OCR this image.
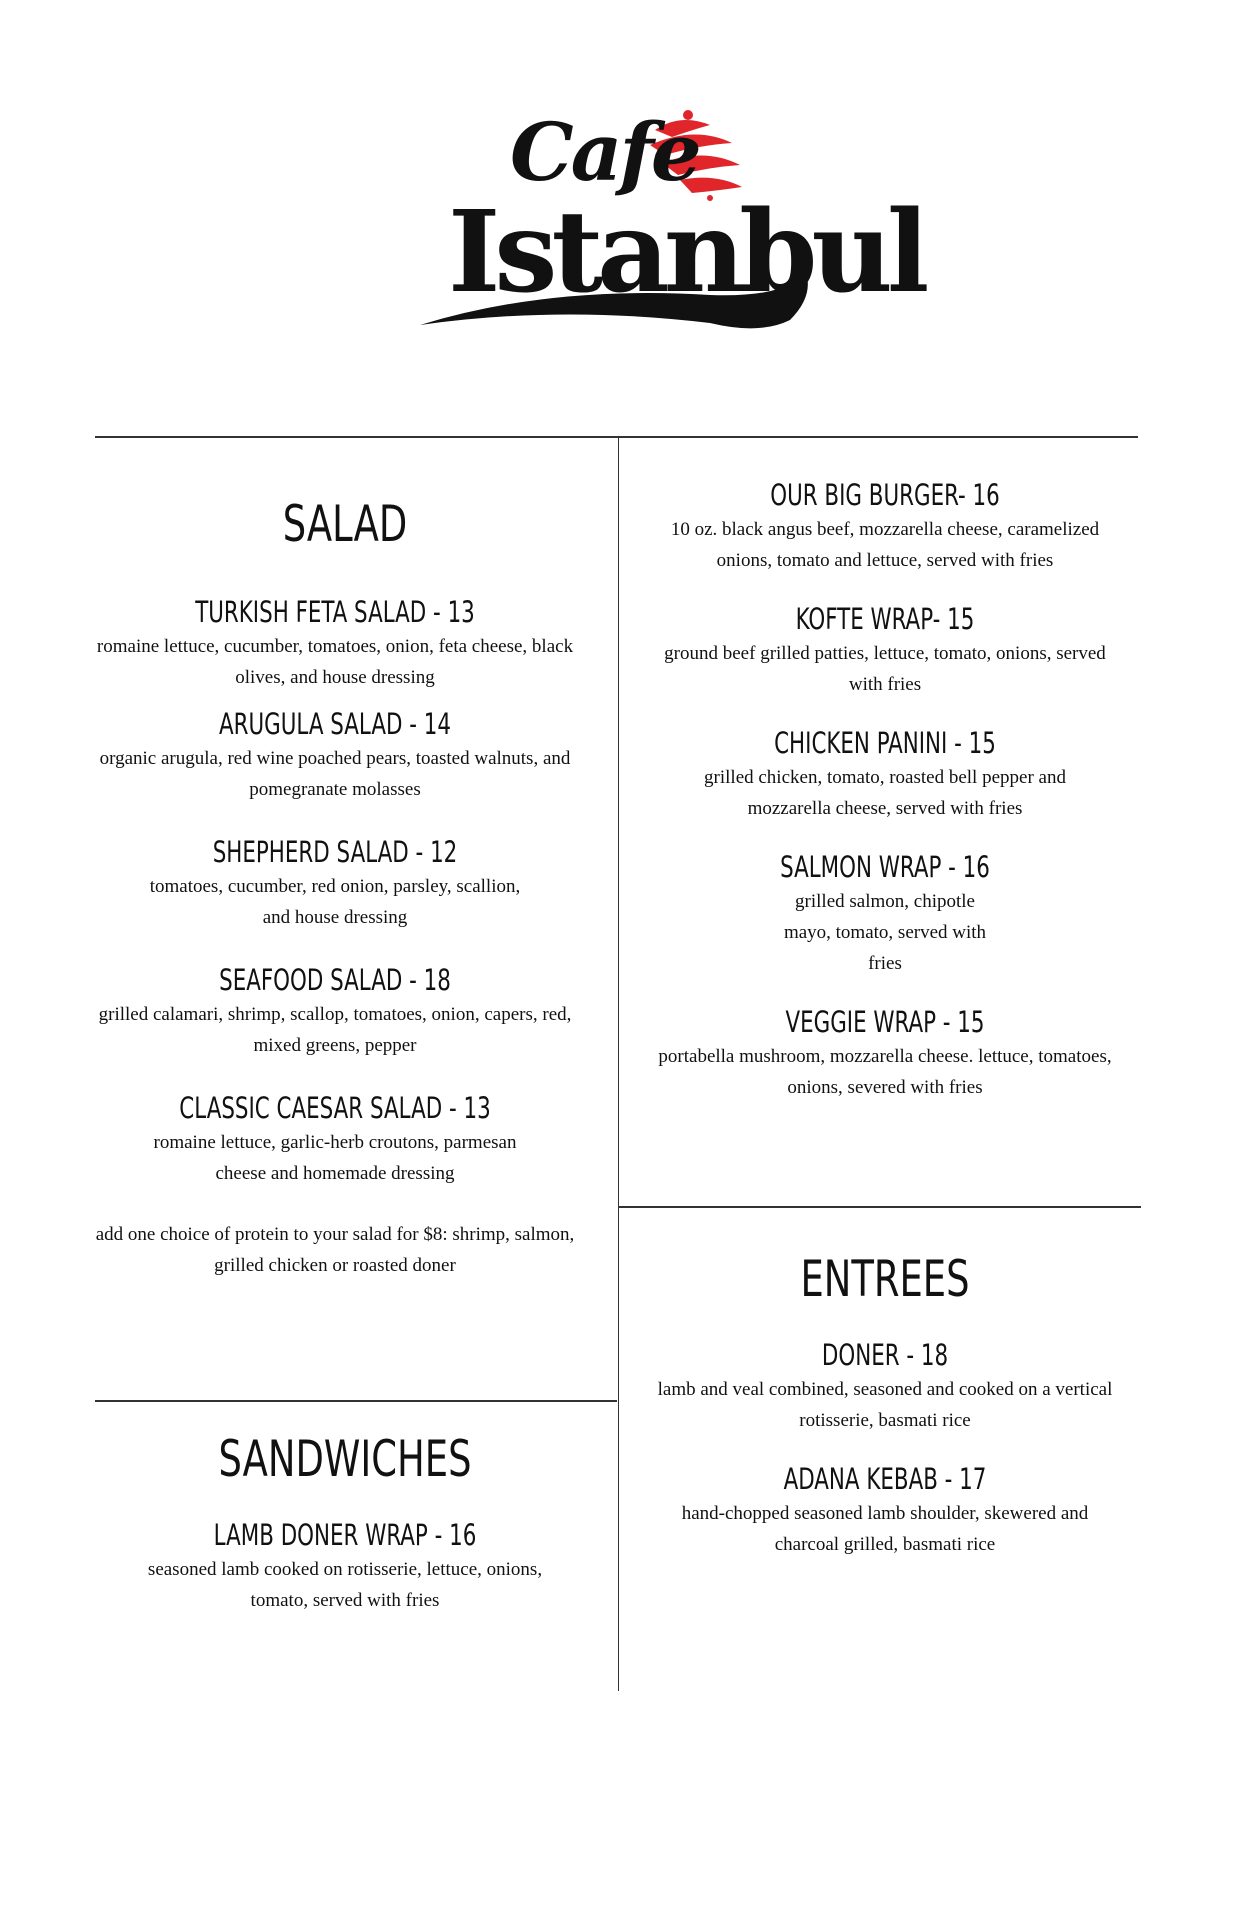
Cafe
Istanbul
SALAD
TURKISH FETA SALAD - 13
romaine lettuce, cucumber, tomatoes, onion, feta cheese, black olives, and house dressing
ARUGULA SALAD - 14
organic arugula, red wine poached pears, toasted walnuts, and pomegranate molasses
SHEPHERD SALAD - 12
tomatoes, cucumber, red onion, parsley, scallion, and house dressing
SEAFOOD SALAD - 18
grilled calamari, shrimp, scallop, tomatoes, onion, capers, red, mixed greens, pepper
CLASSIC CAESAR SALAD - 13
romaine lettuce, garlic-herb croutons, parmesan cheese and homemade dressing
add one choice of protein to your salad for $8: shrimp, salmon, grilled chicken or roasted doner
SANDWICHES
LAMB DONER WRAP - 16
seasoned lamb cooked on rotisserie, lettuce, onions, tomato, served with fries
OUR BIG BURGER- 16
10 oz. black angus beef, mozzarella cheese, caramelized onions, tomato and lettuce, served with fries
KOFTE WRAP- 15
ground beef grilled patties, lettuce, tomato, onions, served with fries
CHICKEN PANINI - 15
grilled chicken, tomato, roasted bell pepper and mozzarella cheese, served with fries
SALMON WRAP - 16
grilled salmon, chipotle mayo, tomato, served with fries
VEGGIE WRAP - 15
portabella mushroom, mozzarella cheese. lettuce, tomatoes, onions, severed with fries
ENTREES
DONER - 18
lamb and veal combined, seasoned and cooked on a vertical rotisserie, basmati rice
ADANA KEBAB - 17
hand-chopped seasoned lamb shoulder, skewered and charcoal grilled, basmati rice
